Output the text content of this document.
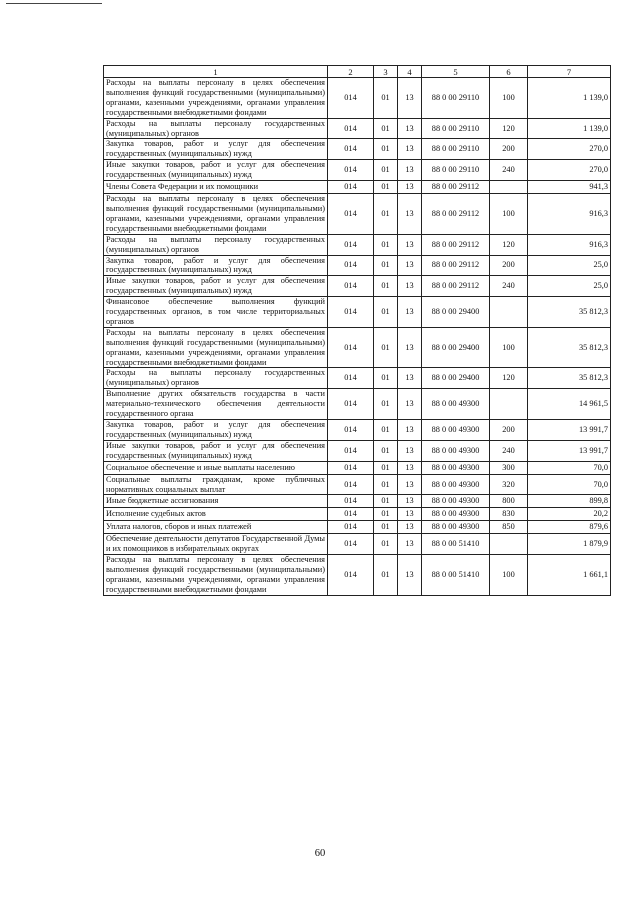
1	2	3	4	5	6	7
Расходы на выплаты персоналу в целях обеспечения выполнения функций государственными (муниципальными) органами, казенными учреждениями, органами управления государственными внебюджетными фондами	014	01	13	88 0 00 29110	100	1 139,0
Расходы на выплаты персоналу государственных (муниципальных) органов	014	01	13	88 0 00 29110	120	1 139,0
Закупка товаров, работ и услуг для обеспечения государственных (муниципальных) нужд	014	01	13	88 0 00 29110	200	270,0
Иные закупки товаров, работ и услуг для обеспечения государственных (муниципальных) нужд	014	01	13	88 0 00 29110	240	270,0
Члены Совета Федерации и их помощники	014	01	13	88 0 00 29112		941,3
Расходы на выплаты персоналу в целях обеспечения выполнения функций государственными (муниципальными) органами, казенными учреждениями, органами управления государственными внебюджетными фондами	014	01	13	88 0 00 29112	100	916,3
Расходы на выплаты персоналу государственных (муниципальных) органов	014	01	13	88 0 00 29112	120	916,3
Закупка товаров, работ и услуг для обеспечения государственных (муниципальных) нужд	014	01	13	88 0 00 29112	200	25,0
Иные закупки товаров, работ и услуг для обеспечения государственных (муниципальных) нужд	014	01	13	88 0 00 29112	240	25,0
Финансовое обеспечение выполнения функций государственных органов, в том числе территориальных органов	014	01	13	88 0 00 29400		35 812,3
Расходы на выплаты персоналу в целях обеспечения выполнения функций государственными (муниципальными) органами, казенными учреждениями, органами управления государственными внебюджетными фондами	014	01	13	88 0 00 29400	100	35 812,3
Расходы на выплаты персоналу государственных (муниципальных) органов	014	01	13	88 0 00 29400	120	35 812,3
Выполнение других обязательств государства в части материально-технического обеспечения деятельности государственного органа	014	01	13	88 0 00 49300		14 961,5
Закупка товаров, работ и услуг для обеспечения государственных (муниципальных) нужд	014	01	13	88 0 00 49300	200	13 991,7
Иные закупки товаров, работ и услуг для обеспечения государственных (муниципальных) нужд	014	01	13	88 0 00 49300	240	13 991,7
Социальное обеспечение и иные выплаты населению	014	01	13	88 0 00 49300	300	70,0
Социальные выплаты гражданам, кроме публичных нормативных социальных выплат	014	01	13	88 0 00 49300	320	70,0
Иные бюджетные ассигнования	014	01	13	88 0 00 49300	800	899,8
Исполнение судебных актов	014	01	13	88 0 00 49300	830	20,2
Уплата налогов, сборов и иных платежей	014	01	13	88 0 00 49300	850	879,6
Обеспечение деятельности депутатов Государственной Думы и их помощников в избирательных округах	014	01	13	88 0 00 51410		1 879,9
Расходы на выплаты персоналу в целях обеспечения выполнения функций государственными (муниципальными) органами, казенными учреждениями, органами управления государственными внебюджетными фондами	014	01	13	88 0 00 51410	100	1 661,1
60
